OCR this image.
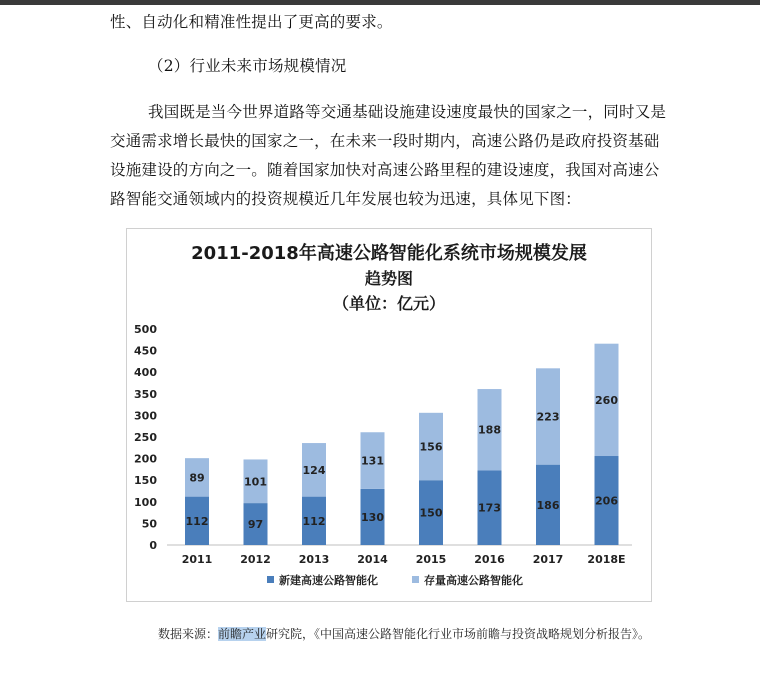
性、自动化和精准性提出了更高的要求。
（2）行业未来市场规模情况
我国既是当今世界道路等交通基础设施建设速度最快的国家之一，同时又是交通需求增长最快的国家之一，在未来一段时期内，高速公路仍是政府投资基础设施建设的方向之一。随着国家加快对高速公路里程的建设速度，我国对高速公路智能交通领域内的投资规模近几年发展也较为迅速，具体见下图：
2011-2018年高速公路智能化系统市场规模发展
趋势图
（单位：亿元）
0
50
100
150
200
250
300
350
400
450
500
112
89
2011
97
101
2012
112
124
2013
130
131
2014
150
156
2015
173
188
2016
186
223
2017
206
260
2018E
新建高速公路智能化	存量高速公路智能化
数据来源：前瞻产业研究院，《中国高速公路智能化行业市场前瞻与投资战略规划分析报告》。
